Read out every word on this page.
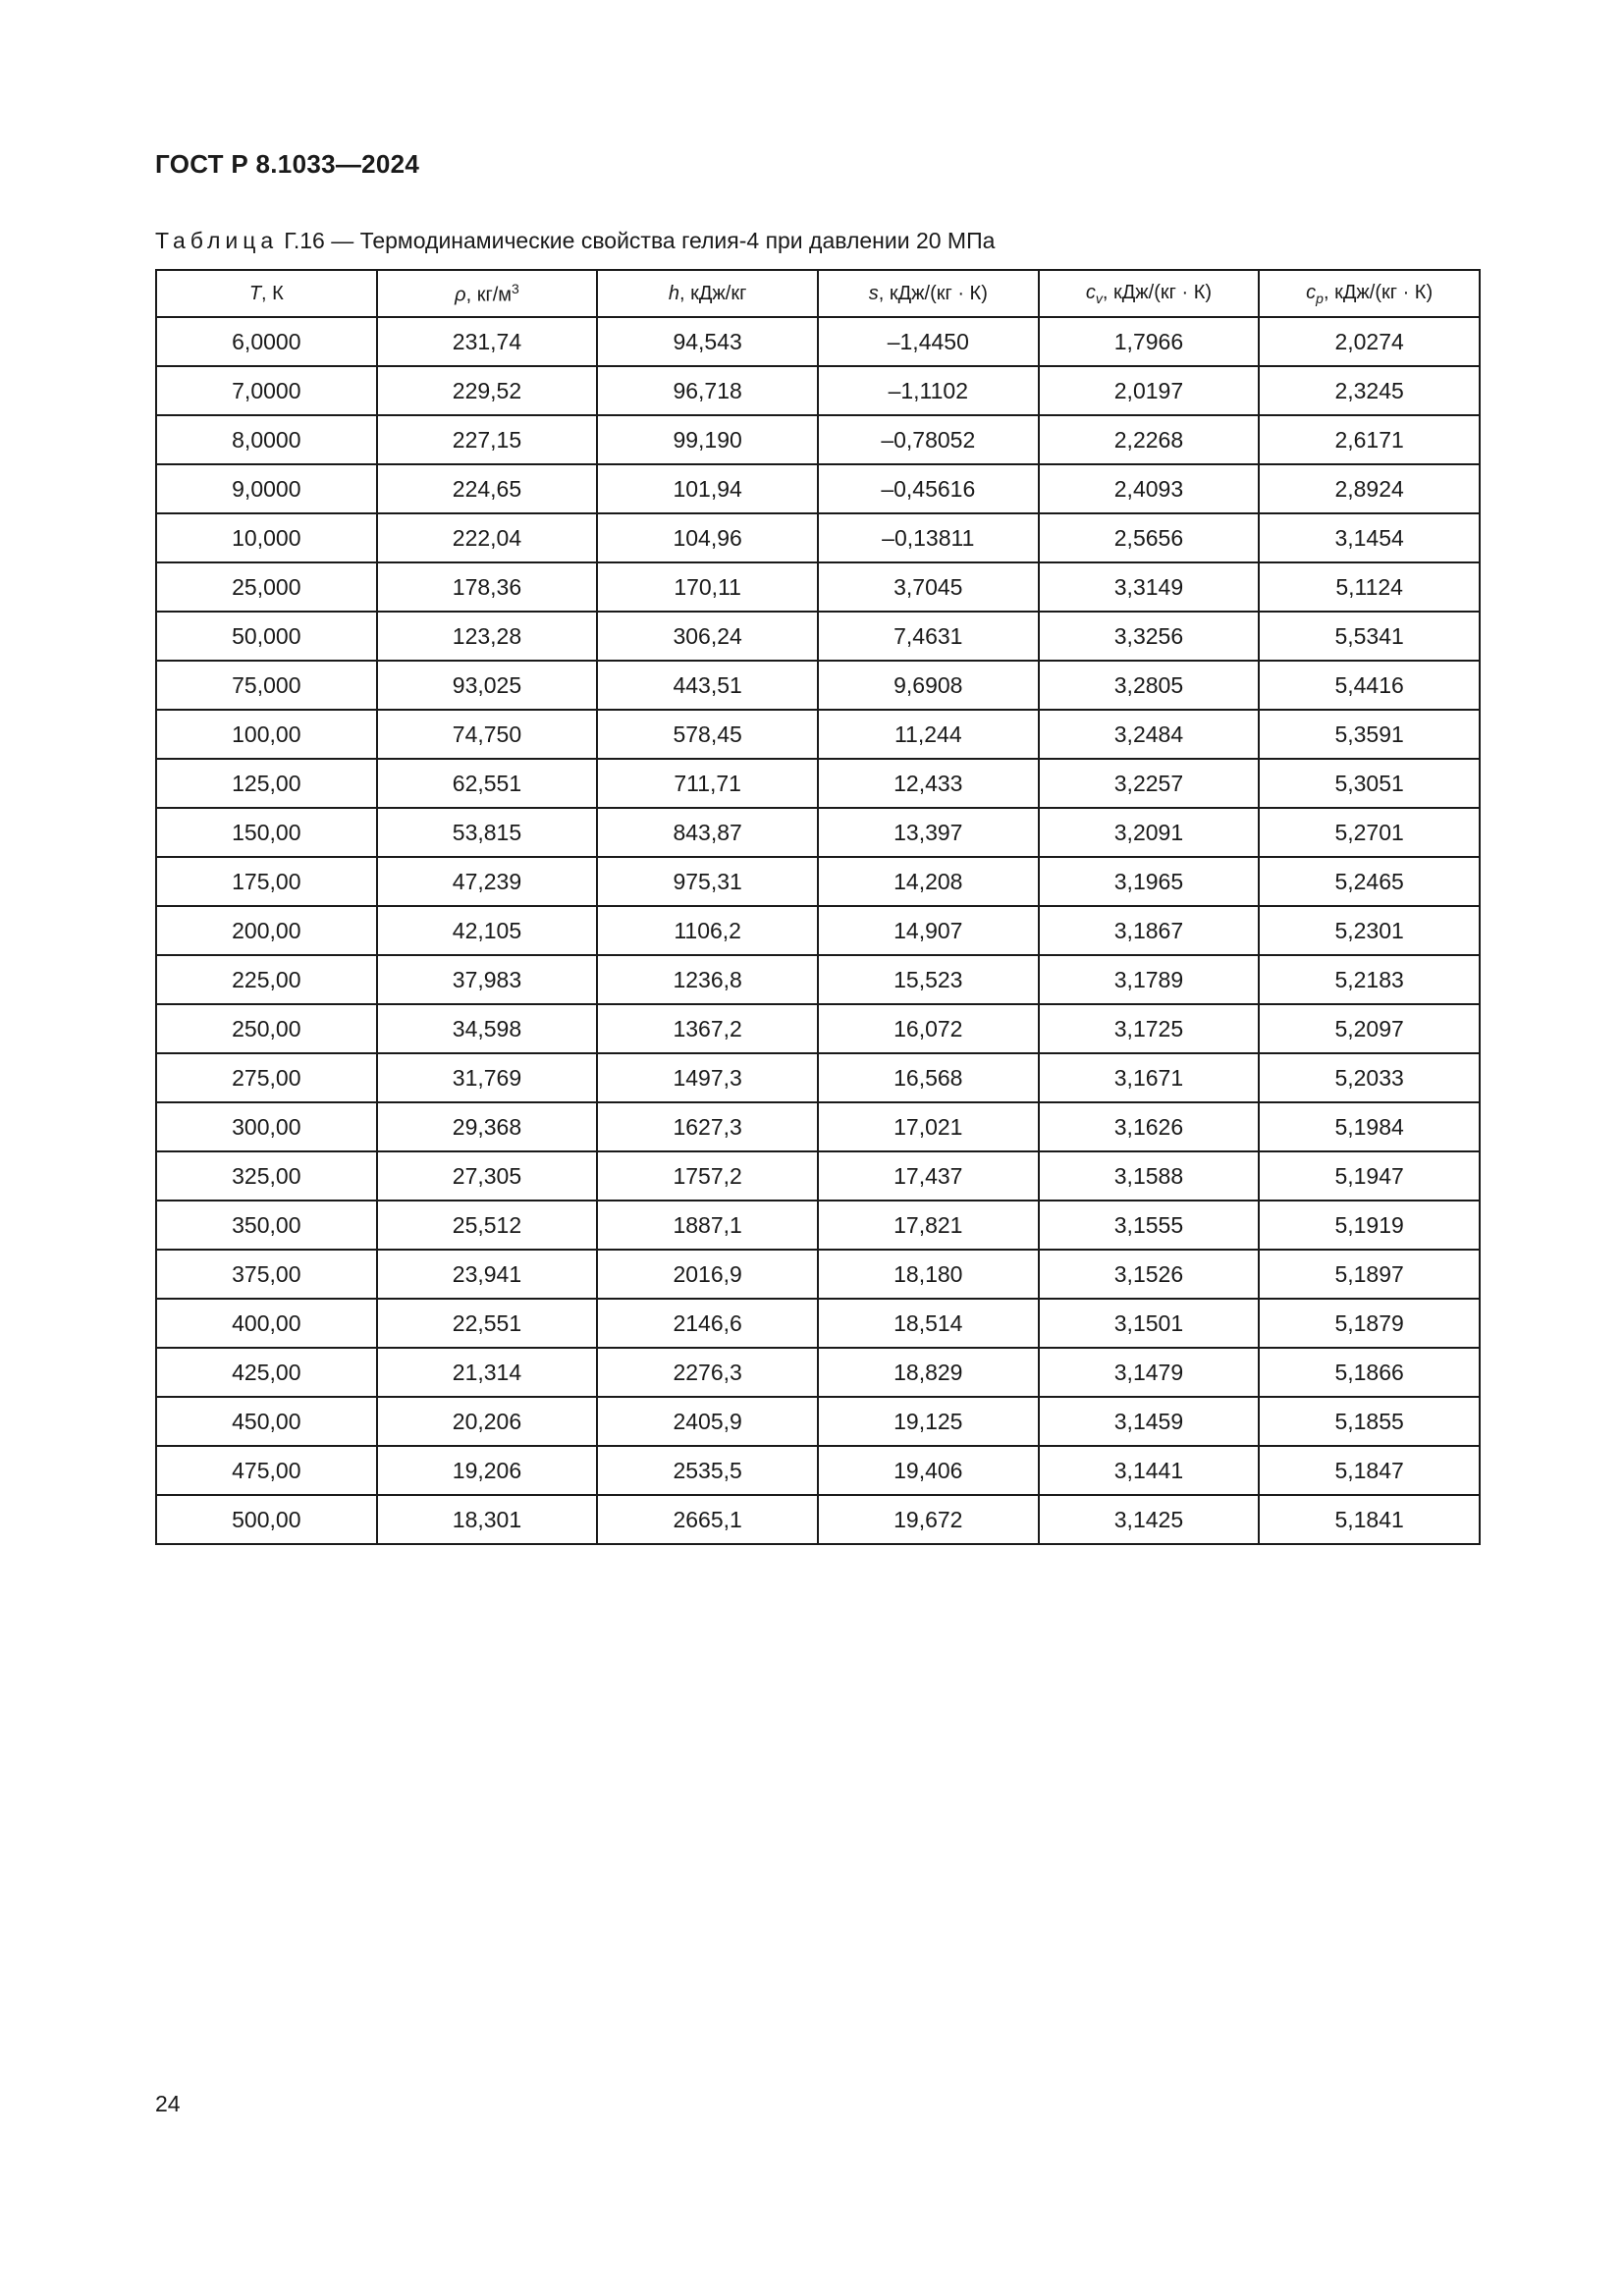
ГОСТ Р 8.1033—2024
Таблица Г.16 — Термодинамические свойства гелия-4 при давлении 20 МПа
T, К	ρ, $кг/м^3$	h, кДж/кг	s, кДж/(кг · К)	$c_v$, кДж/(кг · К)	$c_p$, кДж/(кг · К)
6,0000	231,74	94,543	–1,4450	1,7966	2,0274
7,0000	229,52	96,718	–1,1102	2,0197	2,3245
8,0000	227,15	99,190	–0,78052	2,2268	2,6171
9,0000	224,65	101,94	–0,45616	2,4093	2,8924
10,000	222,04	104,96	–0,13811	2,5656	3,1454
25,000	178,36	170,11	3,7045	3,3149	5,1124
50,000	123,28	306,24	7,4631	3,3256	5,5341
75,000	93,025	443,51	9,6908	3,2805	5,4416
100,00	74,750	578,45	11,244	3,2484	5,3591
125,00	62,551	711,71	12,433	3,2257	5,3051
150,00	53,815	843,87	13,397	3,2091	5,2701
175,00	47,239	975,31	14,208	3,1965	5,2465
200,00	42,105	1106,2	14,907	3,1867	5,2301
225,00	37,983	1236,8	15,523	3,1789	5,2183
250,00	34,598	1367,2	16,072	3,1725	5,2097
275,00	31,769	1497,3	16,568	3,1671	5,2033
300,00	29,368	1627,3	17,021	3,1626	5,1984
325,00	27,305	1757,2	17,437	3,1588	5,1947
350,00	25,512	1887,1	17,821	3,1555	5,1919
375,00	23,941	2016,9	18,180	3,1526	5,1897
400,00	22,551	2146,6	18,514	3,1501	5,1879
425,00	21,314	2276,3	18,829	3,1479	5,1866
450,00	20,206	2405,9	19,125	3,1459	5,1855
475,00	19,206	2535,5	19,406	3,1441	5,1847
500,00	18,301	2665,1	19,672	3,1425	5,1841
24
